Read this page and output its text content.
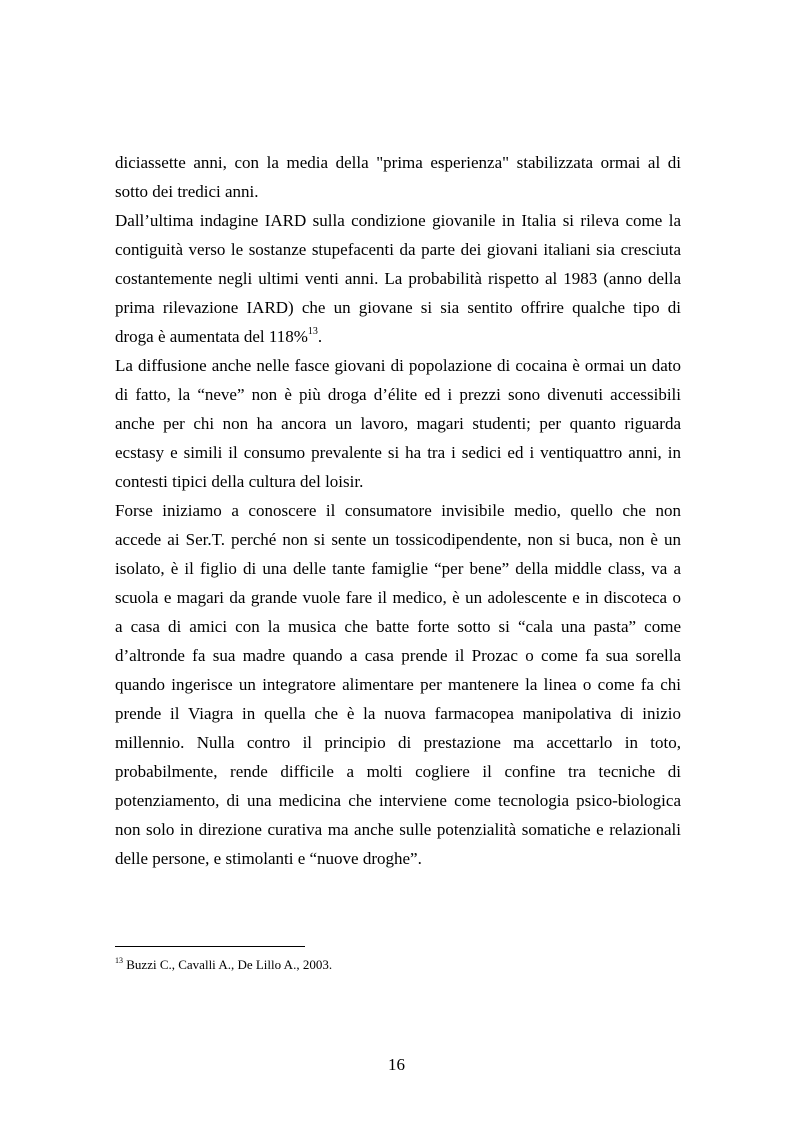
diciassette anni, con la media della "prima esperienza" stabilizzata ormai al di
sotto dei tredici anni.

Dall’ultima indagine IARD sulla condizione giovanile in Italia si rileva come la
contiguità verso le sostanze stupefacenti da parte dei giovani italiani sia cresciuta
costantemente negli ultimi venti anni. La probabilità rispetto al 1983 (anno della
prima rilevazione IARD) che un giovane si sia sentito offrire qualche tipo di
droga è aumentata del 118%$^{13}$.

La diffusione anche nelle fasce giovani di popolazione di cocaina è ormai un dato
di fatto, la “neve” non è più droga d’élite ed i prezzi sono divenuti accessibili
anche per chi non ha ancora un lavoro, magari studenti; per quanto riguarda
ecstasy e simili il consumo prevalente si ha tra i sedici ed i ventiquattro anni, in
contesti tipici della cultura del loisir.

Forse iniziamo a conoscere il consumatore invisibile medio, quello che non
accede ai Ser.T. perché non si sente un tossicodipendente, non si buca, non è un
isolato, è il figlio di una delle tante famiglie “per bene” della middle class, va a
scuola e magari da grande vuole fare il medico, è un adolescente e in discoteca o
a casa di amici con la musica che batte forte sotto si “cala una pasta” come
d’altronde fa sua madre quando a casa prende il Prozac o come fa sua sorella
quando ingerisce un integratore alimentare per mantenere la linea o come fa chi
prende il Viagra in quella che è la nuova farmacopea manipolativa di inizio
millennio. Nulla contro il principio di prestazione ma accettarlo in toto,
probabilmente, rende difficile a molti cogliere il confine tra tecniche di
potenziamento, di una medicina che interviene come tecnologia psico-biologica
non solo in direzione curativa ma anche sulle potenzialità somatiche e relazionali
delle persone, e stimolanti e “nuove droghe”.

$^{13}$ Buzzi C., Cavalli A., De Lillo A., 2003.
16
